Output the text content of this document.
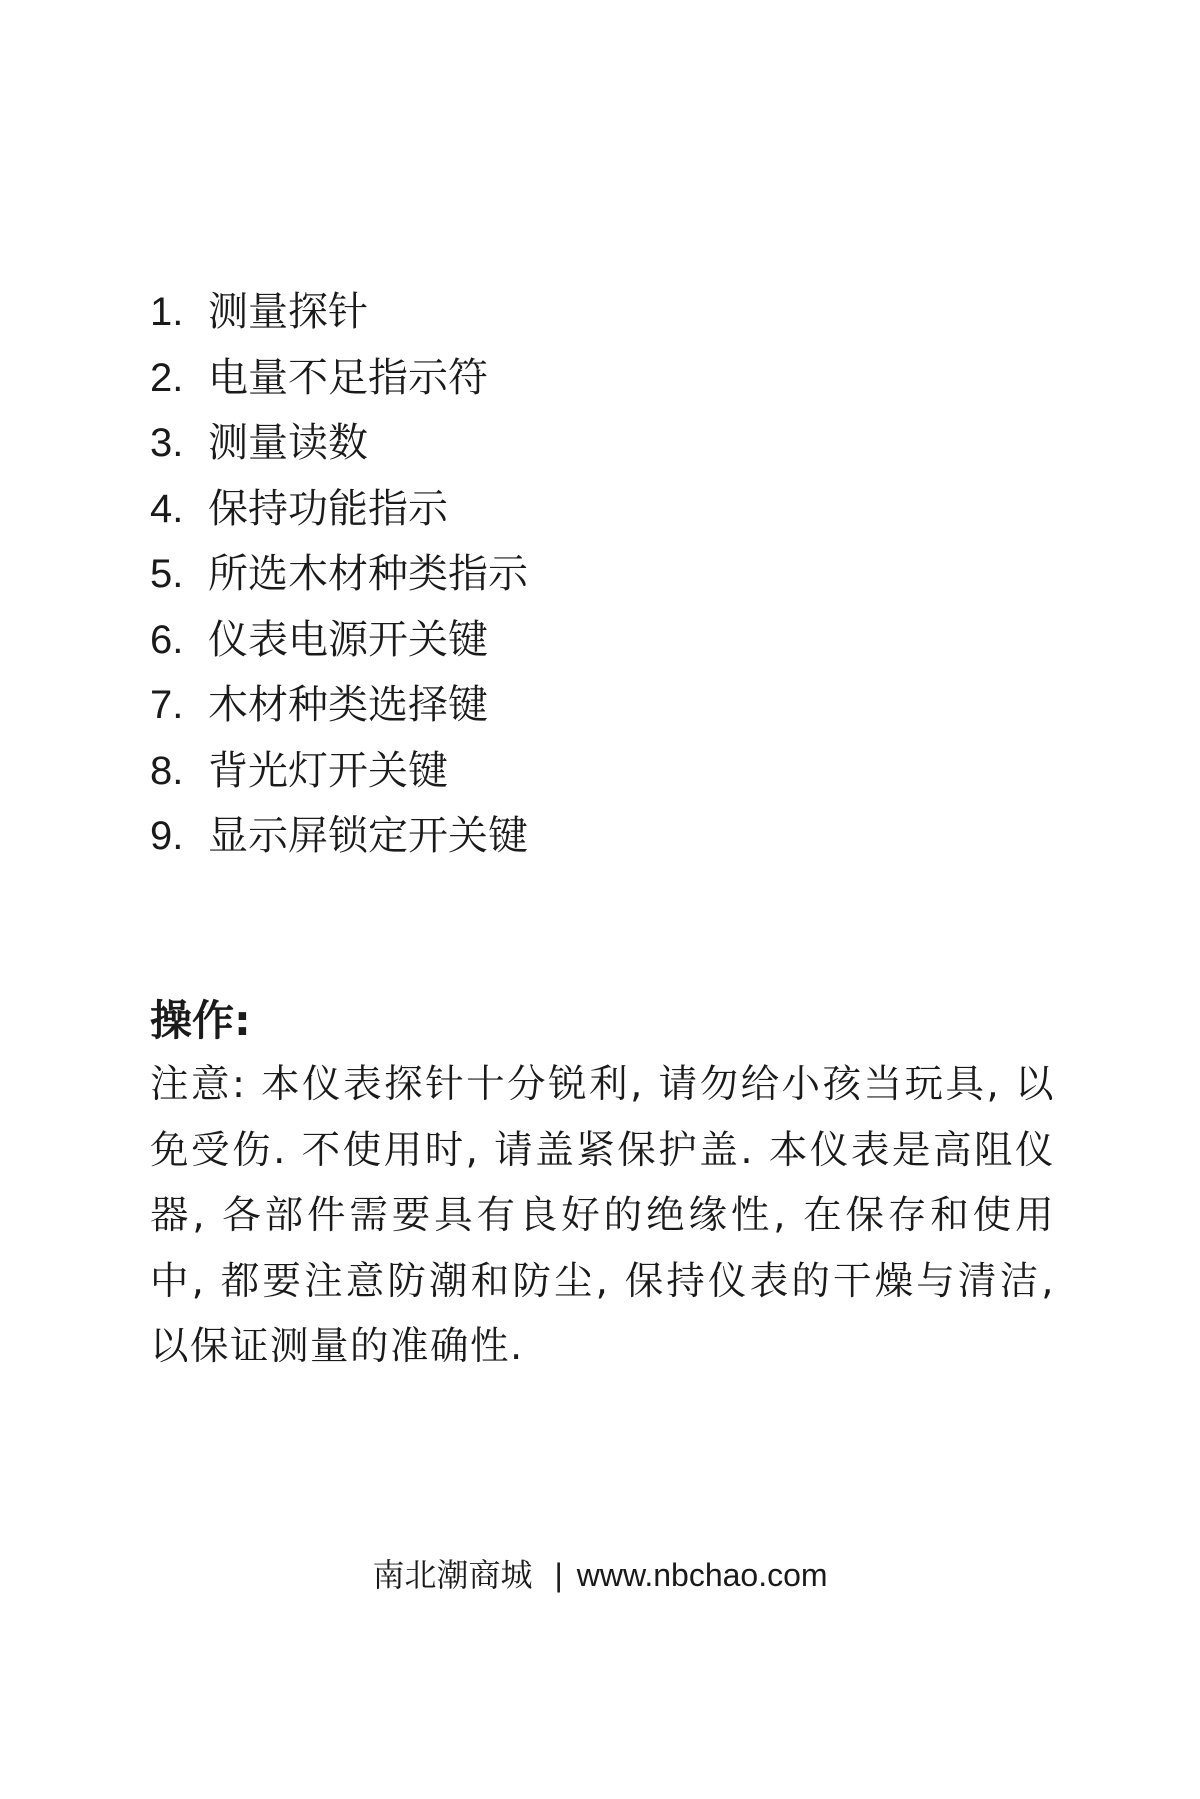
1. 测量探针
2. 电量不足指示符
3. 测量读数
4. 保持功能指示
5. 所选木材种类指示
6. 仪表电源开关键
7. 木材种类选择键
8. 背光灯开关键
9. 显示屏锁定开关键
操作:

注意: 本仪表探针十分锐利, 请勿给小孩当玩具, 以免受伤. 不使用时, 请盖紧保护盖. 本仪表是高阻仪器, 各部件需要具有良好的绝缘性, 在保存和使用中, 都要注意防潮和防尘, 保持仪表的干燥与清洁, 以保证测量的准确性.

南北潮商城 | www.nbchao.com
